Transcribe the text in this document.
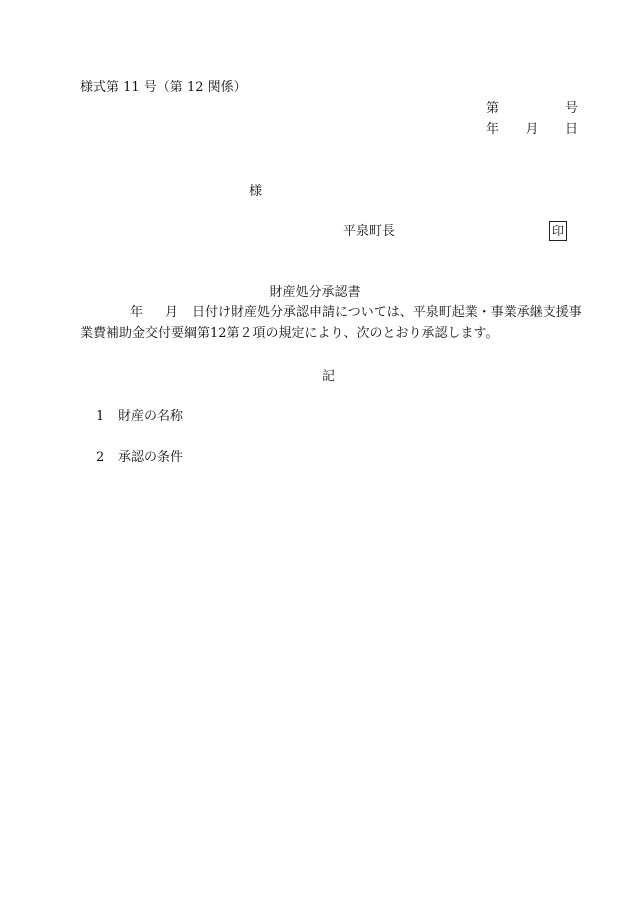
様式第 11 号（第 12 関係）
第	号
年 月 日
様
平泉町長	印
財産処分承認書
年 月 日付け財産処分承認申請については、平泉町起業・事業承継支援事
業費補助金交付要綱第12第２項の規定により、次のとおり承認します。
記
1 財産の名称
2 承認の条件
